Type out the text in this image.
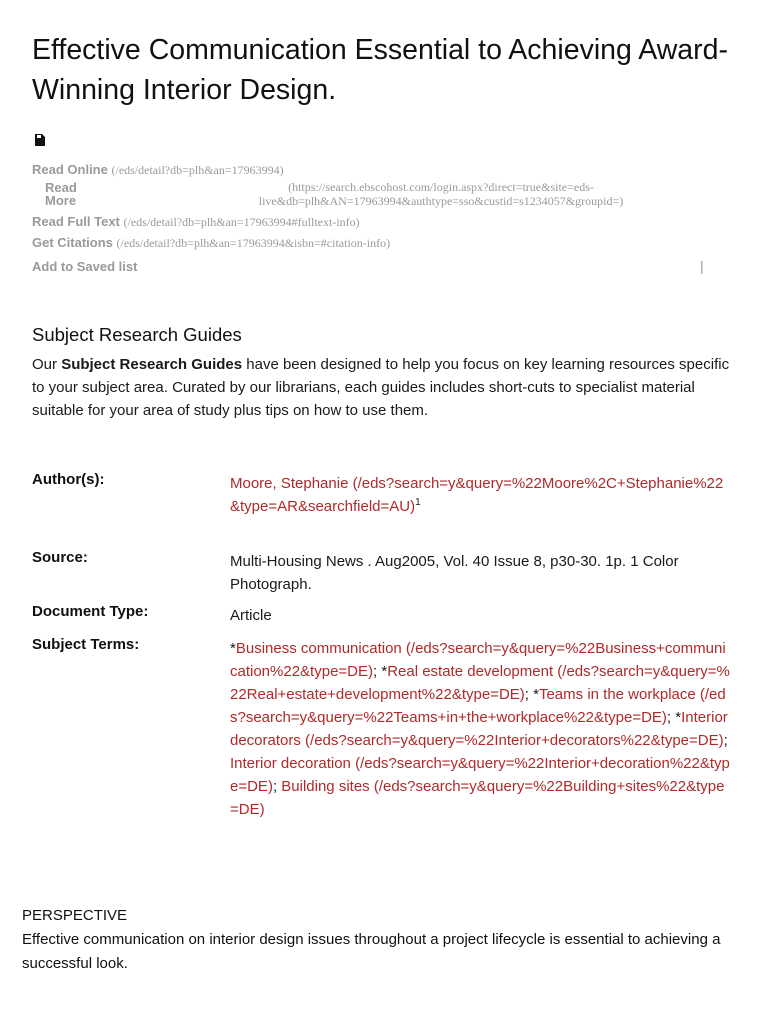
Effective Communication Essential to Achieving Award-Winning Interior Design.
Read Online (/eds/detail?db=plh&an=17963994)
Read
More
(https://search.ebscohost.com/login.aspx?direct=true&site=eds-live&db=plh&AN=17963994&authtype=sso&custid=s1234057&groupid=)
Read Full Text (/eds/detail?db=plh&an=17963994#fulltext-info)
Get Citations (/eds/detail?db=plh&an=17963994&isbn=#citation-info)
Add to Saved list	|
Subject Research Guides

Our Subject Research Guides have been designed to help you focus on key learning resources specific to your subject area. Curated by our librarians, each guides includes short-cuts to specialist material suitable for your area of study plus tips on how to use them.

Author(s):	Moore, Stephanie (/eds?search=y&query=%22Moore%2C+Stephanie%22&type=AR&searchfield=AU)$^1$
Source:	Multi-Housing News . Aug2005, Vol. 40 Issue 8, p30-30. 1p. 1 Color Photograph.
Document Type:	Article
Subject Terms:	*Business communication (/eds?search=y&query=%22Business+communication%22&type=DE); *Real estate development (/eds?search=y&query=%22Real+estate+development%22&type=DE); *Teams in the workplace (/eds?search=y&query=%22Teams+in+the+workplace%22&type=DE); *Interior decorators (/eds?search=y&query=%22Interior+decorators%22&type=DE); Interior decoration (/eds?search=y&query=%22Interior+decoration%22&type=DE); Building sites (/eds?search=y&query=%22Building+sites%22&type=DE)
PERSPECTIVE
Effective communication on interior design issues throughout a project lifecycle is essential to achieving a successful look.
